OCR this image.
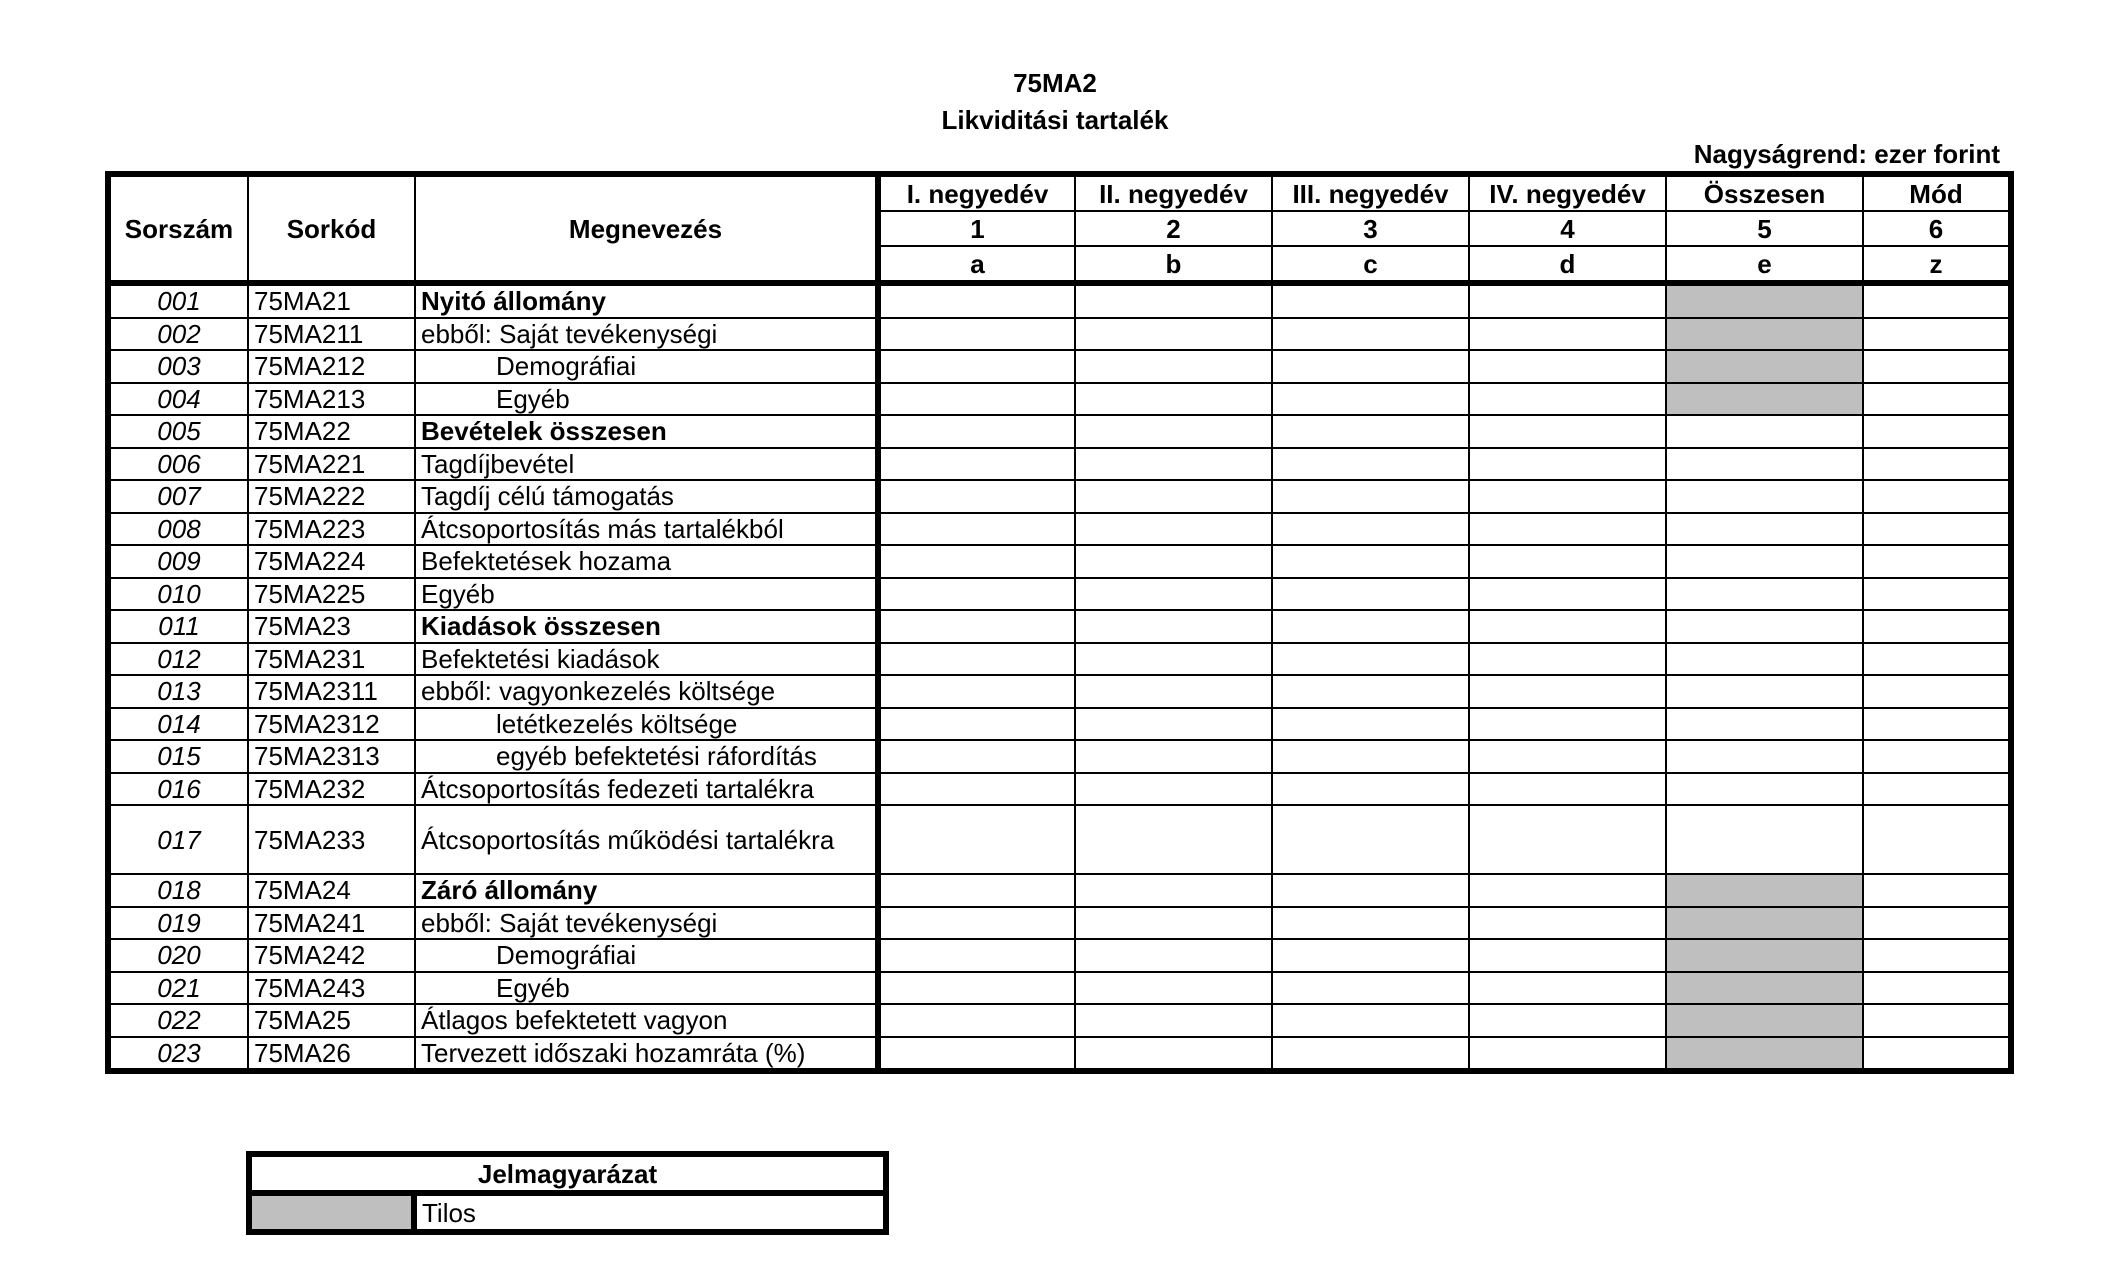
75MA2
Likviditási tartalék
Nagyságrend: ezer forint
Sorszám	Sorkód	Megnevezés	I. negyedév	II. negyedév	III. negyedév	IV. negyedév	Összesen	Mód
			1	2	3	4	5	6
			a	b	c	d	e	z
001	75MA21	Nyitó állomány						
002	75MA211	ebből: Saját tevékenységi						
003	75MA212	Demográfiai						
004	75MA213	Egyéb						
005	75MA22	Bevételek összesen						
006	75MA221	Tagdíjbevétel						
007	75MA222	Tagdíj célú támogatás						
008	75MA223	Átcsoportosítás más tartalékból						
009	75MA224	Befektetések hozama						
010	75MA225	Egyéb						
011	75MA23	Kiadások összesen						
012	75MA231	Befektetési kiadások						
013	75MA2311	ebből: vagyonkezelés költsége						
014	75MA2312	letétkezelés költsége						
015	75MA2313	egyéb befektetési ráfordítás						
016	75MA232	Átcsoportosítás fedezeti tartalékra						
017	75MA233	Átcsoportosítás működési tartalékra						
018	75MA24	Záró állomány						
019	75MA241	ebből: Saját tevékenységi						
020	75MA242	Demográfiai						
021	75MA243	Egyéb						
022	75MA25	Átlagos befektetett vagyon						
023	75MA26	Tervezett időszaki hozamráta (%)						
Jelmagyarázat
	Tilos
